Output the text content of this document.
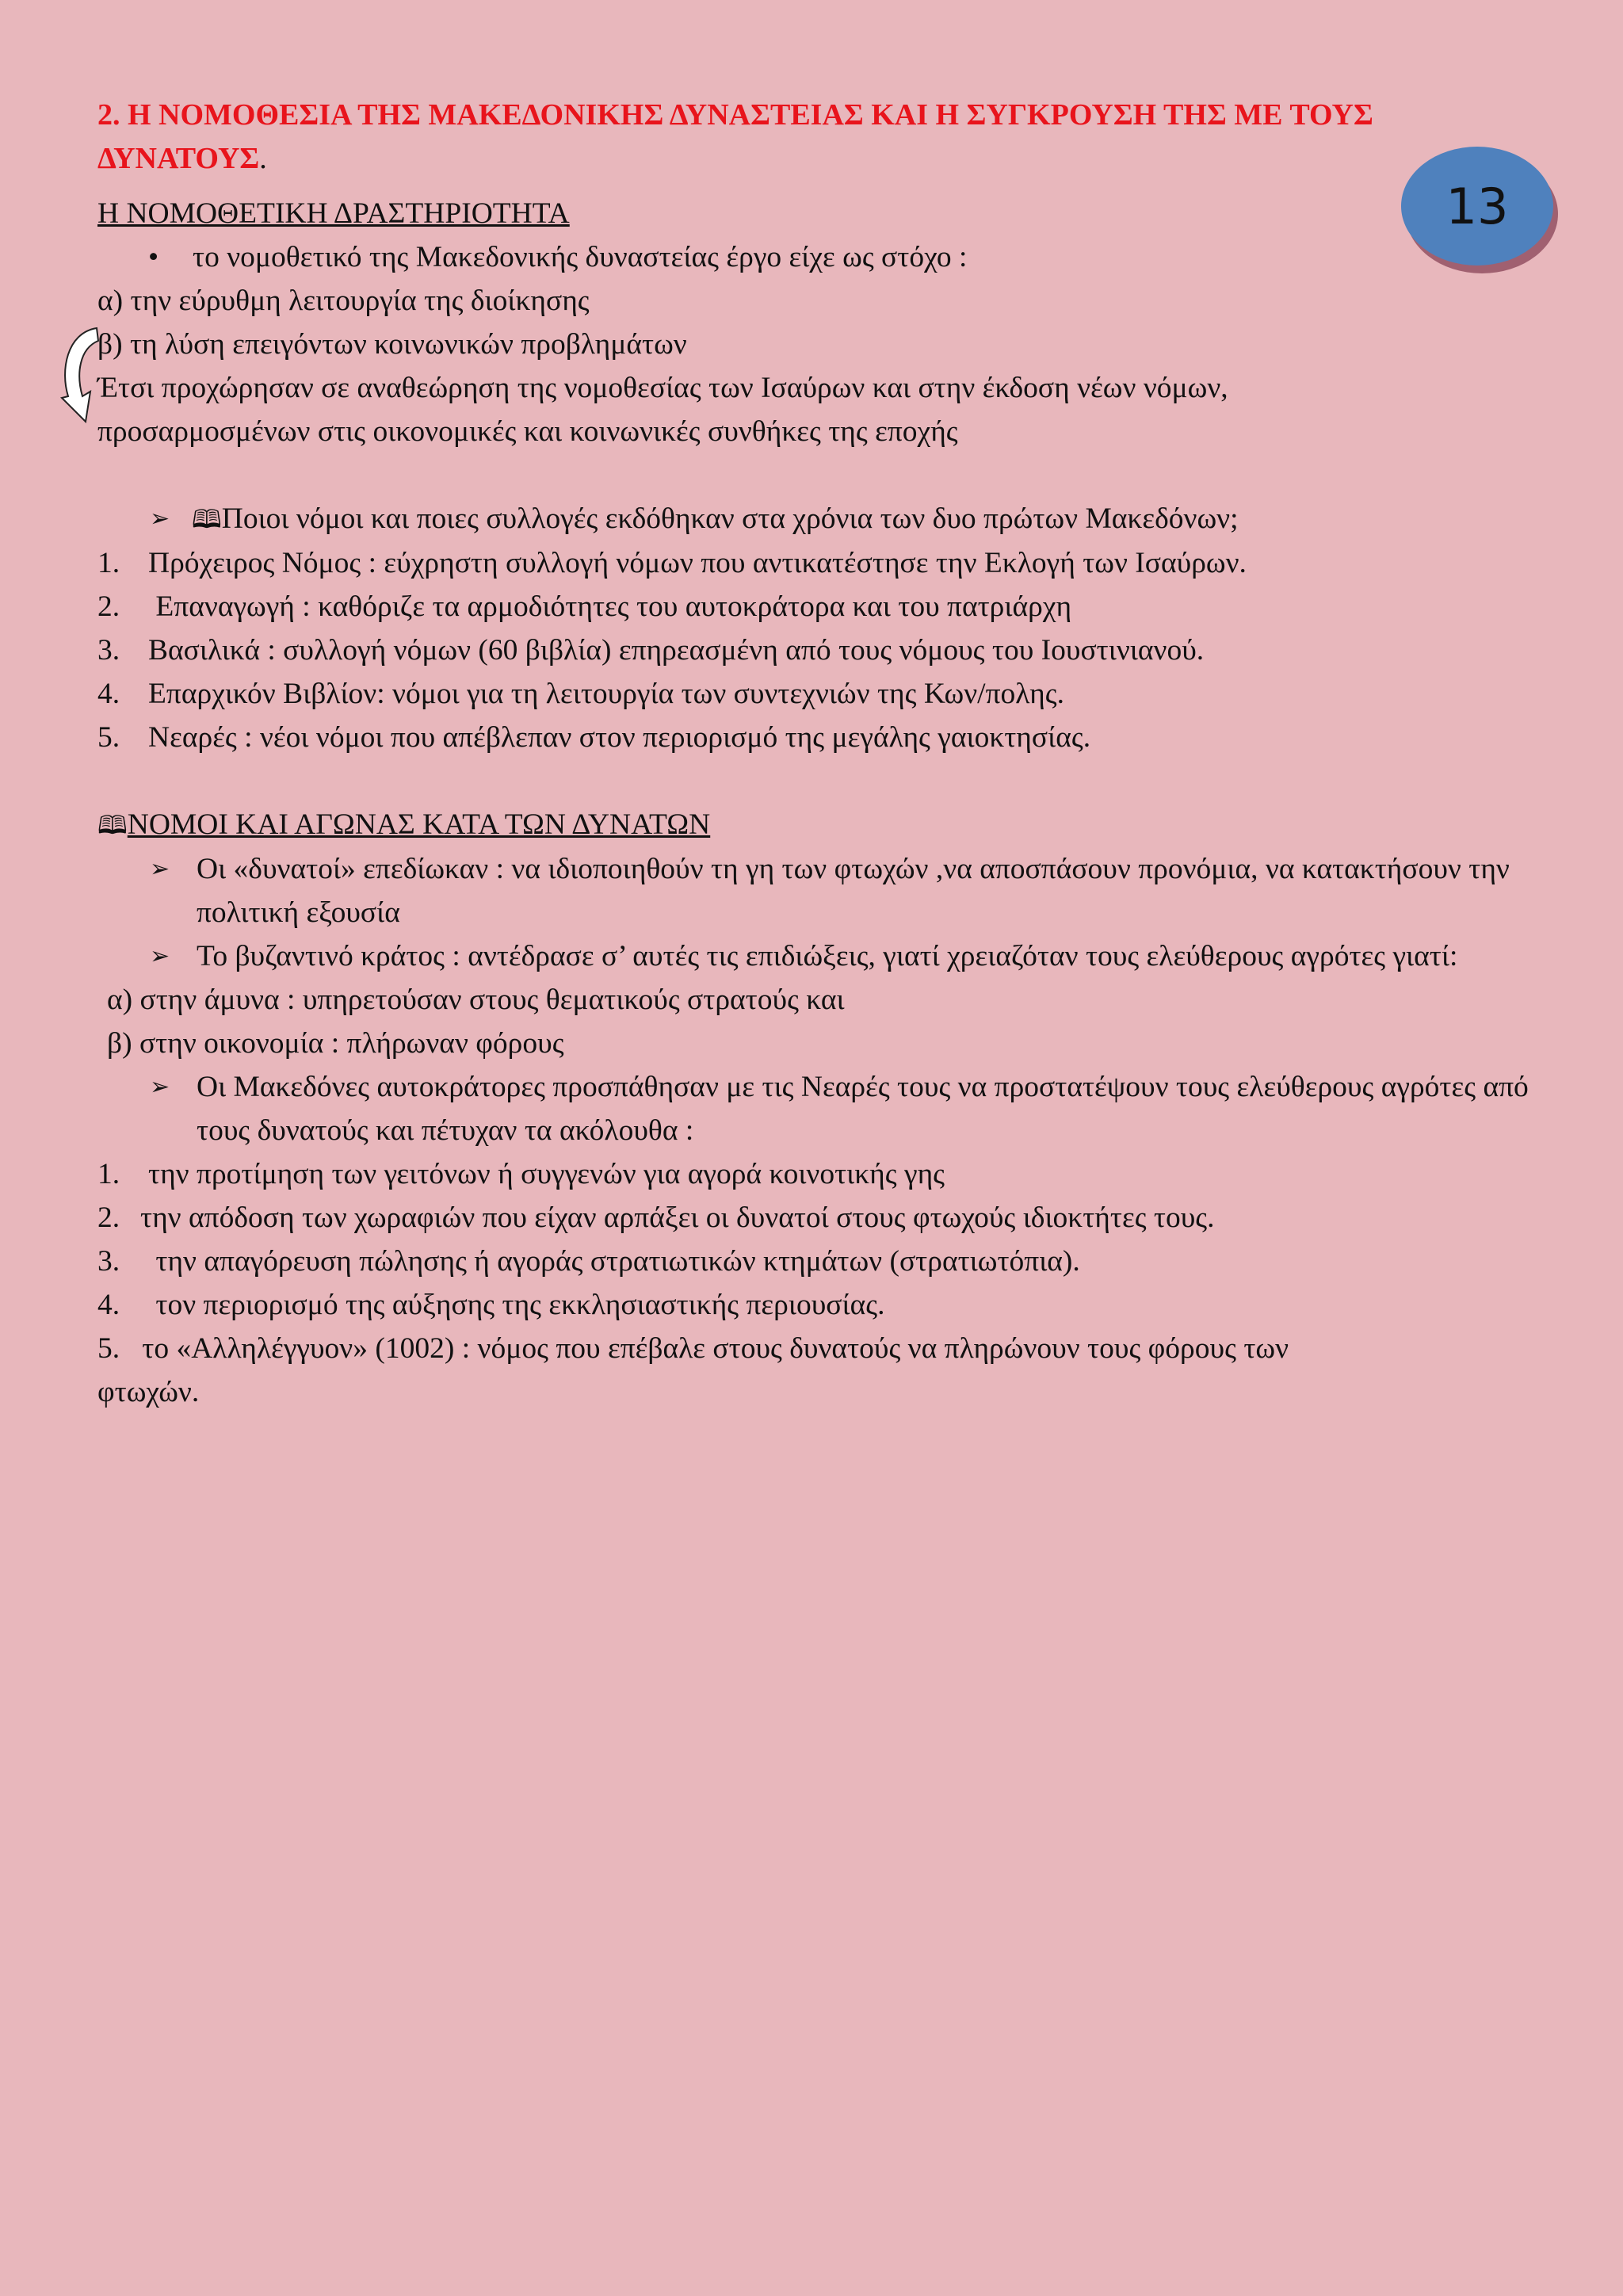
13

2. Η ΝΟΜΟΘΕΣΙΑ ΤΗΣ ΜΑΚΕΔΟΝΙΚΗΣ ΔΥΝΑΣΤΕΙΑΣ ΚΑΙ Η ΣΥΓΚΡΟΥΣΗ ΤΗΣ ΜΕ ΤΟΥΣ ΔΥΝΑΤΟΥΣ.

Η ΝΟΜΟΘΕΤΙΚΗ ΔΡΑΣΤΗΡΙΟΤΗΤΑ
• το νομοθετικό της Μακεδονικής δυναστείας έργο είχε ως στόχο :
α) την εύρυθμη λειτουργία της διοίκησης
β) τη λύση επειγόντων κοινωνικών προβλημάτων
Έτσι προχώρησαν σε αναθεώρηση της νομοθεσίας των Ισαύρων και στην έκδοση νέων νόμων,
προσαρμοσμένων στις οικονομικές και κοινωνικές συνθήκες της εποχής
➢ 🕮Ποιοι νόμοι και ποιες συλλογές εκδόθηκαν στα χρόνια των δυο πρώτων Μακεδόνων;
1. Πρόχειρος Νόμος : εύχρηστη συλλογή νόμων που αντικατέστησε την Εκλογή των Ισαύρων.
2. Επαναγωγή : καθόριζε τα αρμοδιότητες του αυτοκράτορα και του πατριάρχη
3. Βασιλικά : συλλογή νόμων (60 βιβλία) επηρεασμένη από τους νόμους του Ιουστινιανού.
4. Επαρχικόν Βιβλίον: νόμοι για τη λειτουργία των συντεχνιών της Κων/πολης.
5. Νεαρές : νέοι νόμοι που απέβλεπαν στον περιορισμό της μεγάλης γαιοκτησίας.
🕮ΝΟΜΟΙ ΚΑΙ ΑΓΩΝΑΣ ΚΑΤΑ ΤΩΝ ΔΥΝΑΤΩΝ
➢ Οι «δυνατοί» επεδίωκαν : να ιδιοποιηθούν τη γη των φτωχών ,να αποσπάσουν προνόμια, να κατακτήσουν την πολιτική εξουσία
➢ Το βυζαντινό κράτος : αντέδρασε σ’ αυτές τις επιδιώξεις, γιατί χρειαζόταν τους ελεύθερους αγρότες γιατί:
α) στην άμυνα : υπηρετούσαν στους θεματικούς στρατούς και
β) στην οικονομία : πλήρωναν φόρους
➢ Οι Μακεδόνες αυτοκράτορες προσπάθησαν με τις Νεαρές τους να προστατέψουν τους ελεύθερους αγρότες από τους δυνατούς και πέτυχαν τα ακόλουθα :
1. την προτίμηση των γειτόνων ή συγγενών για αγορά κοινοτικής γης
2. την απόδοση των χωραφιών που είχαν αρπάξει οι δυνατοί στους φτωχούς ιδιοκτήτες τους.
3. την απαγόρευση πώλησης ή αγοράς στρατιωτικών κτημάτων (στρατιωτόπια).
4. τον περιορισμό της αύξησης της εκκλησιαστικής περιουσίας.
5.   το «Αλληλέγγυον» (1002) : νόμος που επέβαλε στους δυνατούς να πληρώνουν τους φόρους των
φτωχών.
